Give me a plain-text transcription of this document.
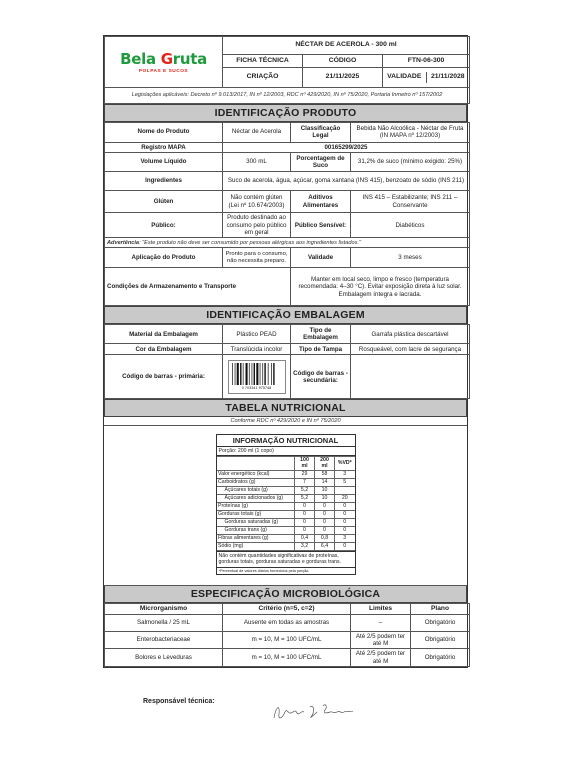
Bela Gruta
POLPAS E SUCOS
	NÉCTAR DE ACEROLA - 300 ml
FICHA TÉCNICA	CÓDIGO	FTN-06-300
CRIAÇÃO	21/11/2025		VALIDADE	21/11/2028

Legislações aplicáveis: Decreto nº 9.013/2017, IN nº 12/2003, RDC nº 429/2020, IN nº 75/2020, Portaria Inmetro nº 157/2002
IDENTIFICAÇÃO PRODUTO
Nome do Produto	Néctar de Acerola	Classificação Legal	Bebida Não Alcoólica - Néctar de Fruta (IN MAPA nº 12/2003)
Registro MAPA	00165299/2025		
Volume Líquido	300 mL	Porcentagem de Suco	31,2% de suco (mínimo exigido: 25%)
Ingredientes	Suco de acerola, água, açúcar, goma xantana (INS 415), benzoato de sódio (INS 211)		
Glúten	Não contém glúten (Lei nº 10.674/2003)	Aditivos Alimentares	INS 415 – Estabilizante; INS 211 – Conservante
Público:	Produto destinado ao consumo pelo público em geral	Público Sensível:	Diabéticos
Advertência: "Este produto não deve ser consumido por pessoas alérgicas aos ingredientes listados."			
Aplicação do Produto	Pronto para o consumo, não necessita preparo.	Validade	3 meses
Condições de Armazenamento e Transporte		Manter em local seco, limpo e fresco (temperatura recomendada: 4–30 °C). Evitar exposição direta à luz solar. Embalagem íntegra e lacrada.	
IDENTIFICAÇÃO EMBALAGEM
Material da Embalagem	Plástico PEAD	Tipo de Embalagem	Garrafa plástica descartável
Cor da Embalagem	Translúcida incolor	Tipo de Tampa	Rosqueável, com lacre de segurança
Código de barras - primária:	0 703341 975748	Código de barras - secundária:	
TABELA NUTRICIONAL
Conforme RDC nº 429/2020 e IN nº 75/2020
INFORMAÇÃO NUTRICIONAL
Porção: 200 ml (1 copo)
	100 ml	200 ml	%VD*
Valor energético (kcal)	29	58	3
Carboidratos (g)	7	14	5
Açúcares totais (g)	5,2	10	
Açúcares adicionados (g)	5,2	10	20
Proteínas (g)	0	0	0
Gorduras totais (g)	0	0	0
Gorduras saturadas (g)	0	0	0
Gorduras trans (g)	0	0	0
Fibras alimentares (g)	0,4	0,8	3
Sódio (mg)	3,2	6,4	0
Não contém quantidades significativas de proteínas, gorduras totais, gorduras saturadas e gorduras trans.
*Percentual de valores diários fornecidos pela porção.
ESPECIFICAÇÃO MICROBIOLÓGICA
Microrganismo	Critério (n=5, c=2)	Limites	Plano
Salmonella / 25 mL	Ausente em todas as amostras	–	Obrigatório
Enterobacteriaceae	m = 10, M = 100 UFC/mL	Até 2/5 podem ter até M	Obrigatório
Bolores e Leveduras	m = 10, M = 100 UFC/mL	Até 2/5 podem ter até M	Obrigatório
Responsável técnica:
